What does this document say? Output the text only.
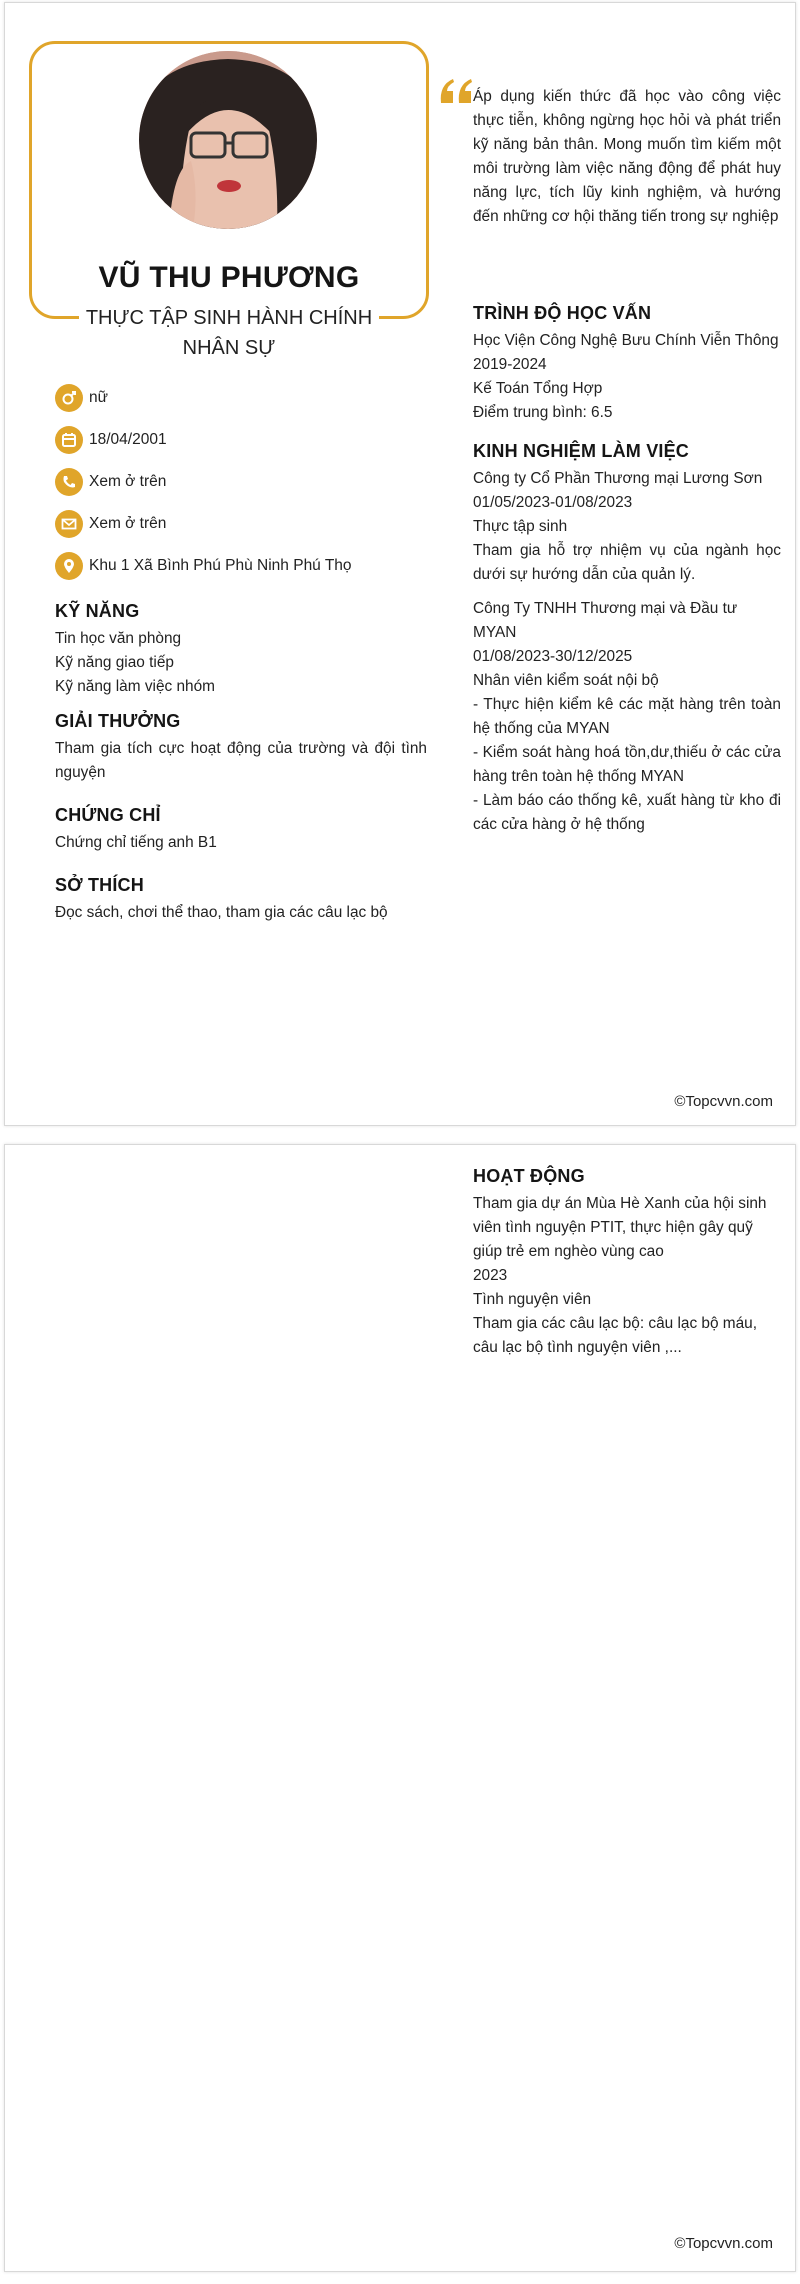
VŨ THU PHƯƠNG
THỰC TẬP SINH HÀNH CHÍNH NHÂN SỰ
Áp dụng kiến thức đã học vào công việc thực tiễn, không ngừng học hỏi và phát triển kỹ năng bản thân. Mong muốn tìm kiếm một môi trường làm việc năng động để phát huy năng lực, tích lũy kinh nghiệm, và hướng đến những cơ hội thăng tiến trong sự nghiệp
nữ
18/04/2001
Xem ở trên
Xem ở trên
Khu 1 Xã Bình Phú Phù Ninh Phú Thọ
KỸ NĂNG
Tin học văn phòng
Kỹ năng giao tiếp
Kỹ năng làm việc nhóm
GIẢI THƯỞNG
Tham gia tích cực hoạt động của trường và đội tình nguyện
CHỨNG CHỈ
Chứng chỉ tiếng anh B1
SỞ THÍCH
Đọc sách, chơi thể thao, tham gia các câu lạc bộ
TRÌNH ĐỘ HỌC VẤN
Học Viện Công Nghệ Bưu Chính Viễn Thông
2019-2024
Kế Toán Tổng Hợp
Điểm trung bình: 6.5
KINH NGHIỆM LÀM VIỆC
Công ty Cổ Phần Thương mại Lương Sơn
01/05/2023-01/08/2023
Thực tập sinh
Tham gia hỗ trợ nhiệm vụ của ngành học dưới sự hướng dẫn của quản lý.
Công Ty TNHH Thương mại và Đầu tư MYAN
01/08/2023-30/12/2025
Nhân viên kiểm soát nội bộ
- Thực hiện kiểm kê các mặt hàng trên toàn hệ thống của MYAN
- Kiểm soát hàng hoá tồn,dư,thiếu ở các cửa hàng trên toàn hệ thống MYAN
- Làm báo cáo thống kê, xuất hàng từ kho đi các cửa hàng ở hệ thống
©Topcvvn.com
HOẠT ĐỘNG
Tham gia dự án Mùa Hè Xanh của hội sinh viên tình nguyện PTIT, thực hiện gây quỹ giúp trẻ em nghèo vùng cao
2023
Tình nguyện viên
Tham gia các câu lạc bộ: câu lạc bộ máu, câu lạc bộ tình nguyện viên ,...
©Topcvvn.com
